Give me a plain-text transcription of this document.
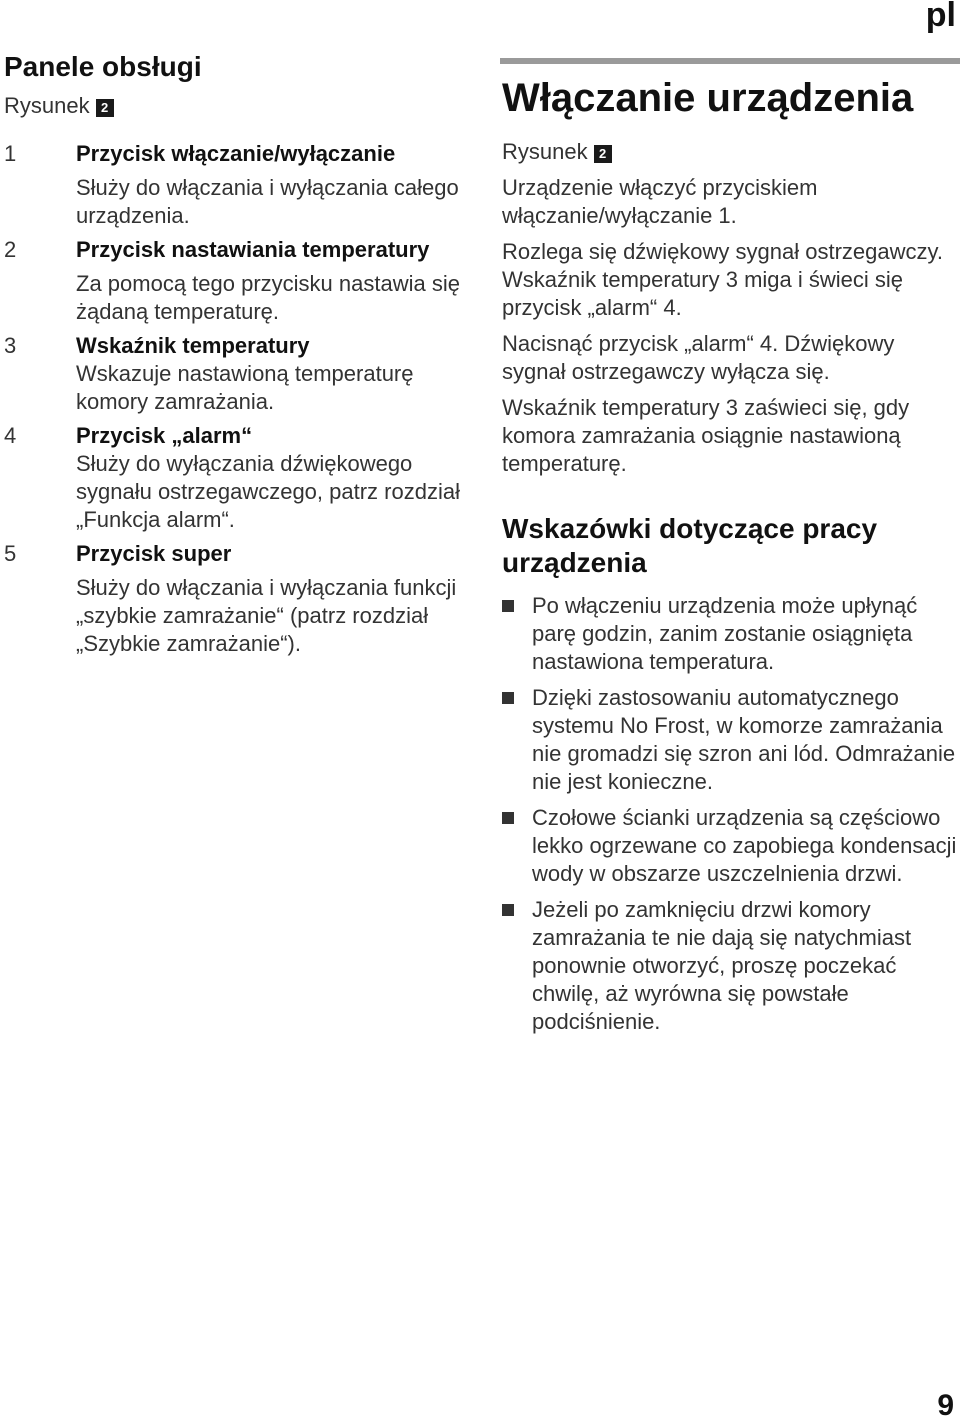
pl
Panele obsługi
Rysunek 2
1	Przycisk włączanie/wyłączanie
Służy do włączania i wyłączania całego urządzenia.
2	Przycisk nastawiania temperatury
Za pomocą tego przycisku nastawia się żądaną temperaturę.
3	Wskaźnik temperatury
Wskazuje nastawioną temperaturę komory zamrażania.
4	Przycisk „alarm“
Służy do wyłączania dźwiękowego sygnału ostrzegawczego, patrz rozdział „Funkcja alarm“.
5	Przycisk super
Służy do włączania i wyłączania funkcji „szybkie zamrażanie“ (patrz rozdział „Szybkie zamrażanie“).
Włączanie urządzenia

Rysunek 2

Urządzenie włączyć przyciskiem włączanie/wyłączanie 1.

Rozlega się dźwiękowy sygnał ostrzegawczy. Wskaźnik temperatury 3 miga i świeci się przycisk „alarm“ 4.

Nacisnąć przycisk „alarm“ 4. Dźwiękowy sygnał ostrzegawczy wyłącza się.

Wskaźnik temperatury 3 zaświeci się, gdy komora zamrażania osiągnie nastawioną temperaturę.

Wskazówki dotyczące pracy urządzenia
Po włączeniu urządzenia może upłynąć parę godzin, zanim zostanie osiągnięta nastawiona temperatura.
Dzięki zastosowaniu automatycznego systemu No Frost, w komorze zamrażania nie gromadzi się szron ani lód. Odmrażanie nie jest konieczne.
Czołowe ścianki urządzenia są częściowo lekko ogrzewane co zapobiega kondensacji wody w obszarze uszczelnienia drzwi.
Jeżeli po zamknięciu drzwi komory zamrażania te nie dają się natychmiast ponownie otworzyć, proszę poczekać chwilę, aż wyrówna się powstałe podciśnienie.
9
